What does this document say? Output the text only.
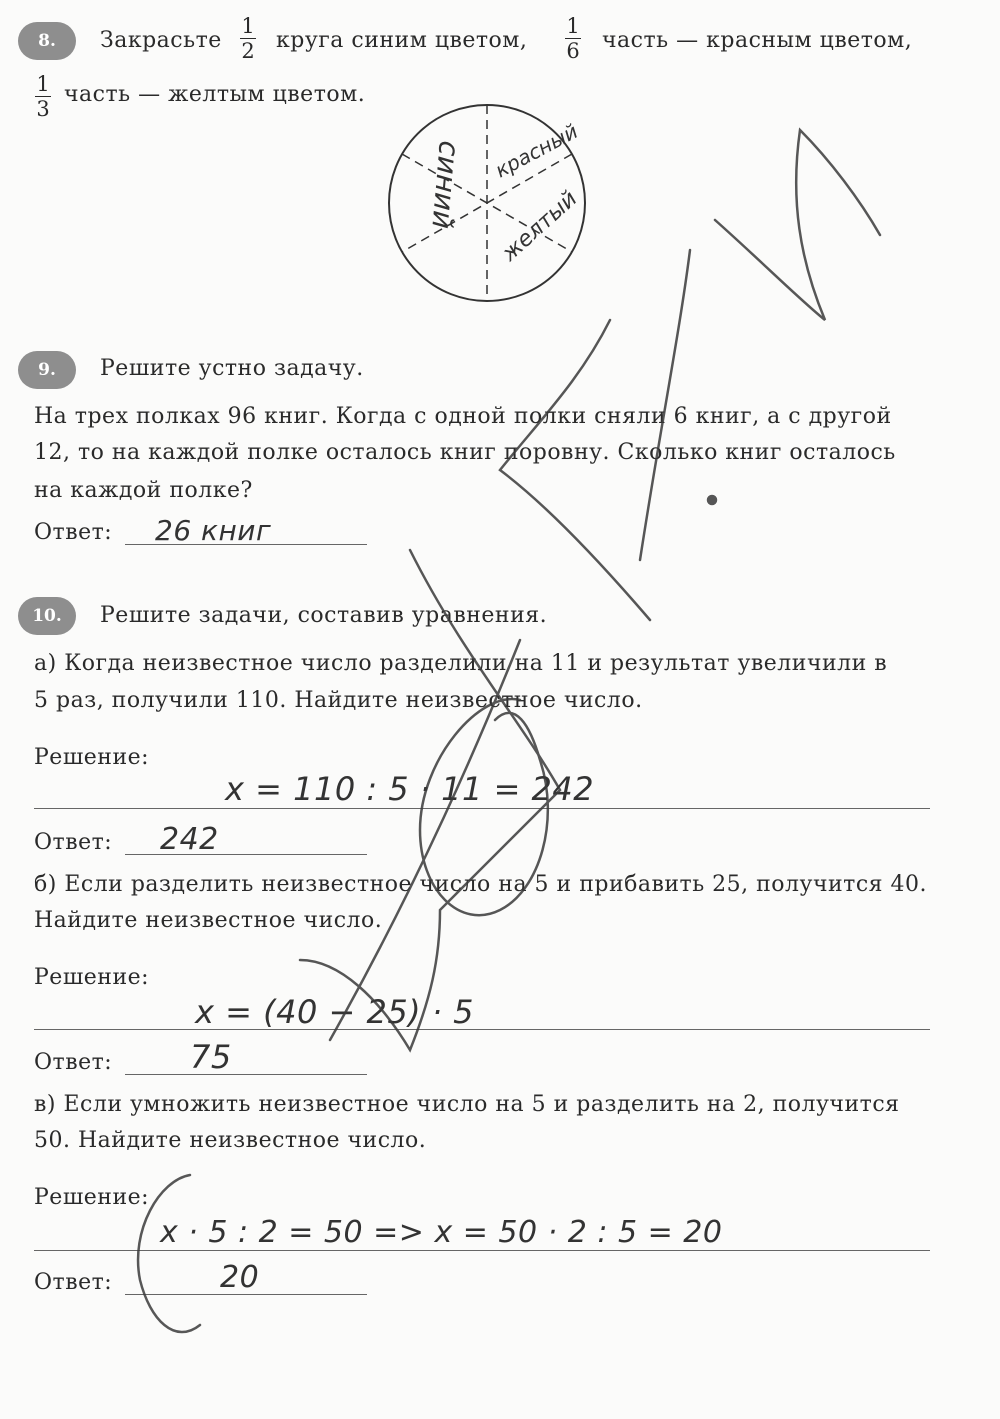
8.	Закрасьте
1
2 круга синим цветом,
1
6 часть — красным цветом,
1
3
часть — желтым цветом.
синий красный
желтый
9.	Решите устно задачу.
На трех полках 96 книг. Когда с одной полки сняли 6 книг, а с другой
12, то на каждой полке осталось книг поровну. Сколько книг осталось
на каждой полке?
Ответ: 26 книг
10.	Решите задачи, составив уравнения.
а) Когда неизвестное число разделили на 11 и результат увеличили в
5 раз, получили 110. Найдите неизвестное число.
Решение:
x = 110 : 5 · 11 = 242
Ответ: 242
б) Если разделить неизвестное число на 5 и прибавить 25, получится 40.
Найдите неизвестное число.
Решение:
x = (40 − 25) · 5
Ответ: 75
в) Если умножить неизвестное число на 5 и разделить на 2, получится
50. Найдите неизвестное число.
Решение:
x · 5 : 2 = 50 => x = 50 · 2 : 5 = 20
Ответ:	20
